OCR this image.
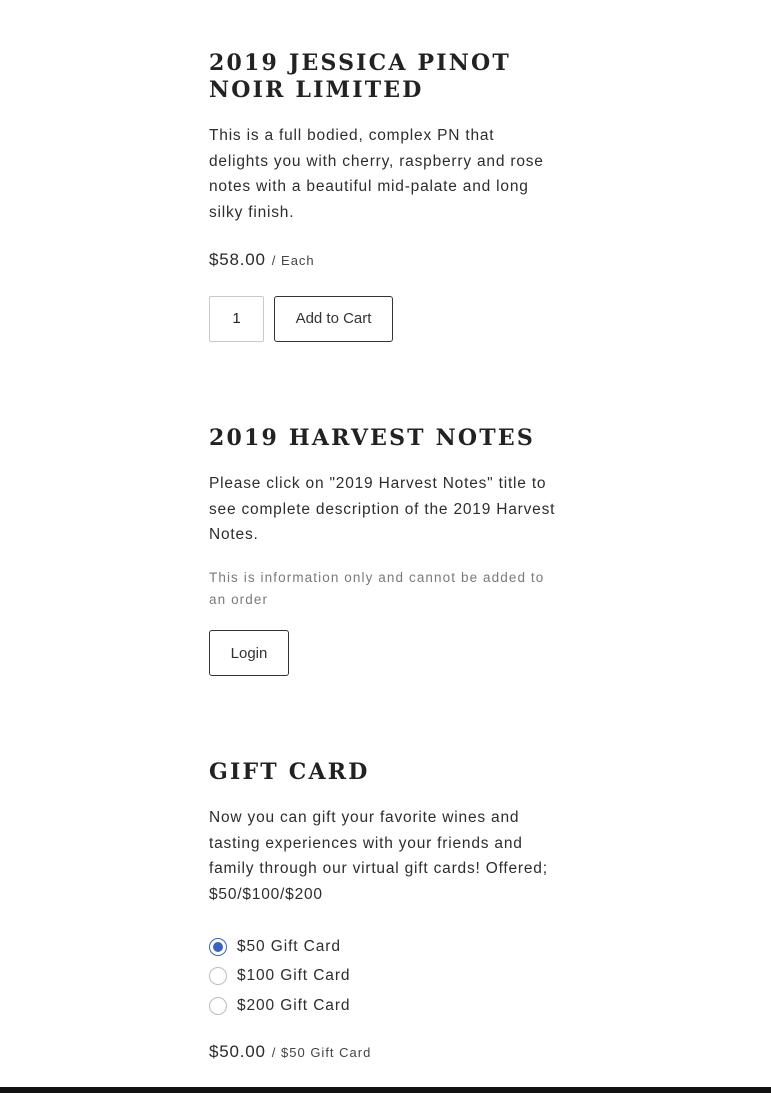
2019 JESSICA PINOT NOIR LIMITED

This is a full bodied, complex PN that delights you with cherry, raspberry and rose notes with a beautiful mid-palate and long silky finish.

$58.00 / Each
1
Add to Cart
2019 HARVEST NOTES

Please click on "2019 Harvest Notes" title to see complete description of the 2019 Harvest Notes.

This is information only and cannot be added to an order

Login
GIFT CARD

Now you can gift your favorite wines and tasting experiences with your friends and family through our virtual gift cards! Offered; $50/$100/$200

$50 Gift Card
$100 Gift Card
$200 Gift Card
$50.00 / $50 Gift Card
